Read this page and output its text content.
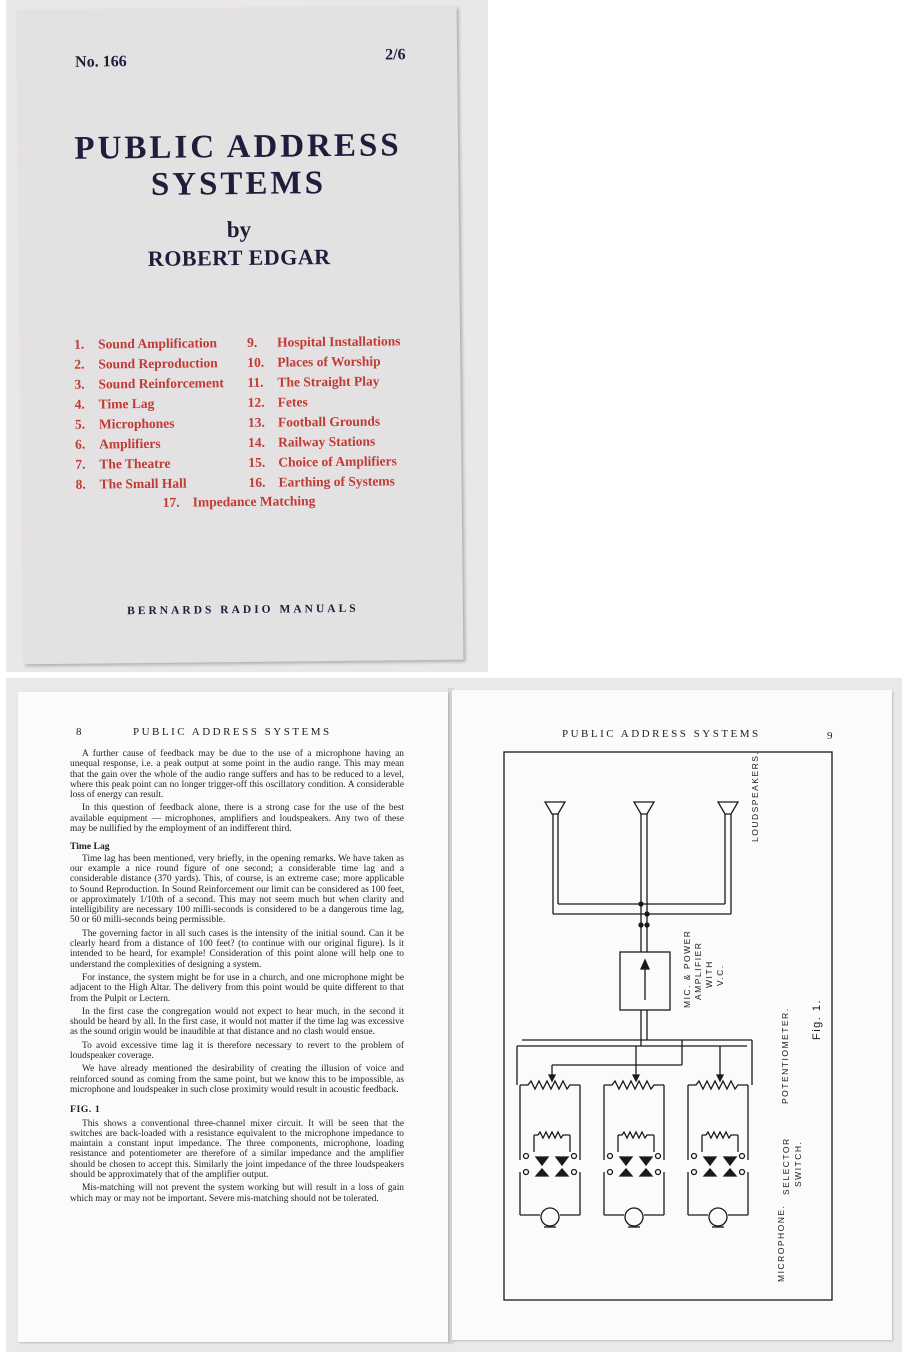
No. 166	2/6
PUBLIC ADDRESS
SYSTEMS
by
ROBERT EDGAR
1. Sound Amplification
2. Sound Reproduction
3. Sound Reinforcement
4. Time Lag
5. Microphones
6. Amplifiers
7. The Theatre
8. The Small Hall
9. Hospital Installations
10. Places of Worship
11. The Straight Play
12. Fetes
13. Football Grounds
14. Railway Stations
15. Choice of Amplifiers
16. Earthing of Systems
17. Impedance Matching
BERNARDS RADIO MANUALS
8	PUBLIC ADDRESS SYSTEMS

A further cause of feedback may be due to the use of a microphone having an unequal response, i.e. a peak output at some point in the audio range. This may mean that the gain over the whole of the audio range suffers and has to be reduced to a level, where this peak point can no longer trigger-off this oscillatory condition. A considerable loss of energy can result.

In this question of feedback alone, there is a strong case for the use of the best available equipment — microphones, amplifiers and loudspeakers. Any two of these may be nullified by the employment of an indifferent third.

Time Lag

Time lag has been mentioned, very briefly, in the opening remarks. We have taken as our example a nice round figure of one second; a considerable time lag and a considerable distance (370 yards). This, of course, is an extreme case; more applicable to Sound Reproduction. In Sound Reinforcement our limit can be considered as 100 feet, or approximately 1/10th of a second. This may not seem much but when clarity and intelligibility are necessary 100 milli-seconds is considered to be a dangerous time lag, 50 or 60 milli-seconds being permissible.

The governing factor in all such cases is the intensity of the initial sound. Can it be clearly heard from a distance of 100 feet? (to continue with our original figure). Is it intended to be heard, for example! Consideration of this point alone will help one to understand the complexities of designing a system.

For instance, the system might be for use in a church, and one microphone might be adjacent to the High Altar. The delivery from this point would be quite different to that from the Pulpit or Lectern.

In the first case the congregation would not expect to hear much, in the second it should be heard by all. In the first case, it would not matter if the time lag was excessive as the sound origin would be inaudible at that distance and no clash would ensue.

To avoid excessive time lag it is therefore necessary to revert to the problem of loudspeaker coverage.

We have already mentioned the desirability of creating the illusion of voice and reinforced sound as coming from the same point, but we know this to be impossible, as microphone and loudspeaker in such close proximity would result in acoustic feedback.

FIG. 1

This shows a conventional three-channel mixer circuit. It will be seen that the switches are back-loaded with a resistance equivalent to the microphone impedance to maintain a constant input impedance. The three components, microphone, loading resistance and potentiometer are therefore of a similar impedance and the amplifier should be chosen to accept this. Similarly the joint impedance of the three loudspeakers should be approximately that of the amplifier output.

Mis-matching will not prevent the system working but will result in a loss of gain which may or may not be important. Severe mis-matching should not be tolerated.

PUBLIC ADDRESS SYSTEMS	9
LOUDSPEAKERS.
MIC. & POWER AMPLIFIER WITH V.C.
POTENTIOMETER.
SELECTOR SWITCH.
MICROPHONE.
Fig. 1.
